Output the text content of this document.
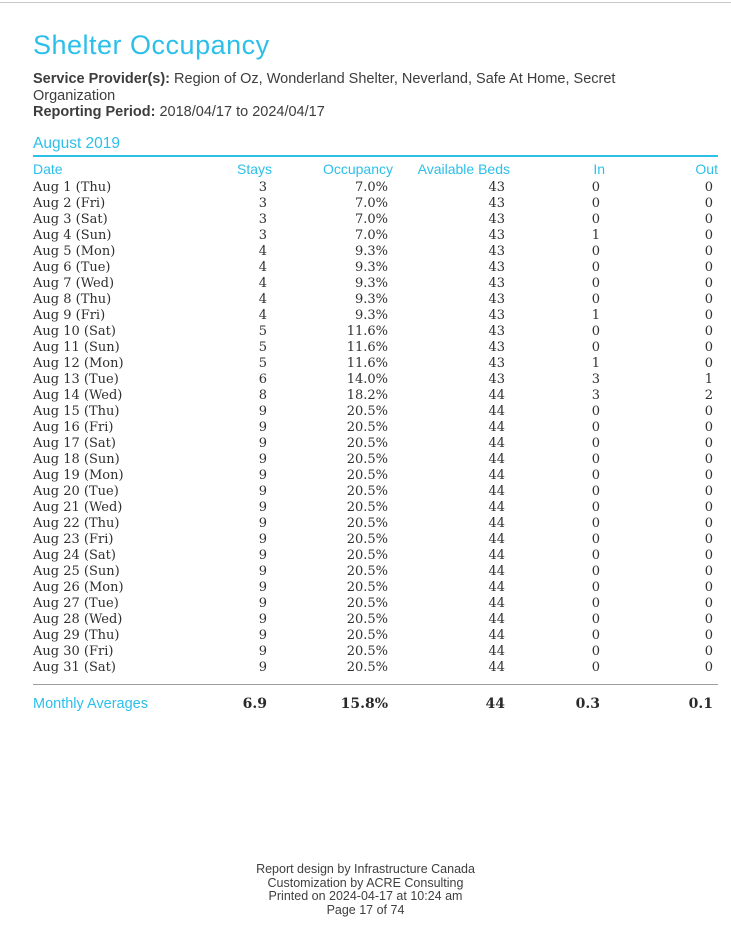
Shelter Occupancy

Service Provider(s): Region of Oz, Wonderland Shelter, Neverland, Safe At Home, Secret Organization

Reporting Period: 2018/04/17 to 2024/04/17

August 2019
Date	Stays	Occupancy	Available Beds	In	Out
Aug 1 (Thu)	3	7.0%	43	0	0
Aug 2 (Fri)	3	7.0%	43	0	0
Aug 3 (Sat)	3	7.0%	43	0	0
Aug 4 (Sun)	3	7.0%	43	1	0
Aug 5 (Mon)	4	9.3%	43	0	0
Aug 6 (Tue)	4	9.3%	43	0	0
Aug 7 (Wed)	4	9.3%	43	0	0
Aug 8 (Thu)	4	9.3%	43	0	0
Aug 9 (Fri)	4	9.3%	43	1	0
Aug 10 (Sat)	5	11.6%	43	0	0
Aug 11 (Sun)	5	11.6%	43	0	0
Aug 12 (Mon)	5	11.6%	43	1	0
Aug 13 (Tue)	6	14.0%	43	3	1
Aug 14 (Wed)	8	18.2%	44	3	2
Aug 15 (Thu)	9	20.5%	44	0	0
Aug 16 (Fri)	9	20.5%	44	0	0
Aug 17 (Sat)	9	20.5%	44	0	0
Aug 18 (Sun)	9	20.5%	44	0	0
Aug 19 (Mon)	9	20.5%	44	0	0
Aug 20 (Tue)	9	20.5%	44	0	0
Aug 21 (Wed)	9	20.5%	44	0	0
Aug 22 (Thu)	9	20.5%	44	0	0
Aug 23 (Fri)	9	20.5%	44	0	0
Aug 24 (Sat)	9	20.5%	44	0	0
Aug 25 (Sun)	9	20.5%	44	0	0
Aug 26 (Mon)	9	20.5%	44	0	0
Aug 27 (Tue)	9	20.5%	44	0	0
Aug 28 (Wed)	9	20.5%	44	0	0
Aug 29 (Thu)	9	20.5%	44	0	0
Aug 30 (Fri)	9	20.5%	44	0	0
Aug 31 (Sat)	9	20.5%	44	0	0
Monthly Averages	6.9	15.8%	44	0.3	0.1
Report design by Infrastructure Canada
Customization by ACRE Consulting
Printed on 2024-04-17 at 10:24 am
Page 17 of 74
